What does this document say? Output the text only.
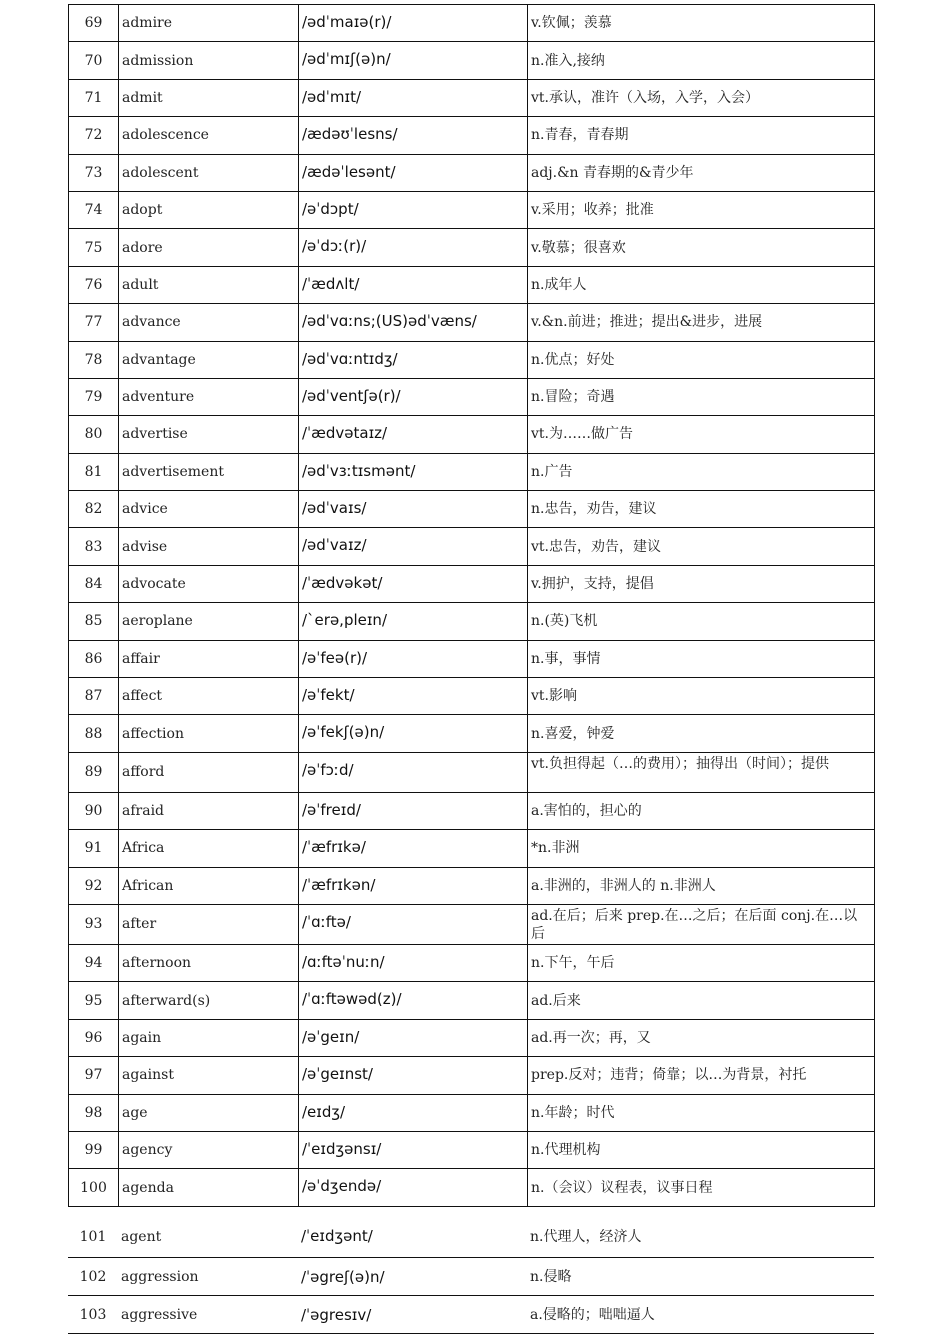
69	admire	/ədˈmaɪə(r)/	v.钦佩；羡慕
70	admission	/ədˈmɪʃ(ə)n/	n.准入,接纳
71	admit	/ədˈmɪt/	vt.承认，准许（入场，入学，入会）
72	adolescence	/ædəʊˈlesns/	n.青春，青春期
73	adolescent	/ædəˈlesənt/	adj.&n 青春期的&青少年
74	adopt	/əˈdɔpt/	v.采用；收养；批准
75	adore	/əˈdɔː(r)/	v.敬慕；很喜欢
76	adult	/ˈædʌlt/	n.成年人
77	advance	/ədˈvɑːns;(US)ədˈvæns/	v.&n.前进；推进；提出&进步，进展
78	advantage	/ədˈvɑːntɪdʒ/	n.优点；好处
79	adventure	/ədˈventʃə(r)/	n.冒险；奇遇
80	advertise	/ˈædvətaɪz/	vt.为……做广告
81	advertisement	/ədˈvɜːtɪsmənt/	n.广告
82	advice	/ədˈvaɪs/	n.忠告，劝告，建议
83	advise	/ədˈvaɪz/	vt.忠告，劝告，建议
84	advocate	/ˈædvəkət/	v.拥护，支持，提倡
85	aeroplane	/`erə,pleɪn/	n.(英)飞机
86	affair	/əˈfeə(r)/	n.事，事情
87	affect	/əˈfekt/	vt.影响
88	affection	/əˈfekʃ(ə)n/	n.喜爱，钟爱
89	afford	/əˈfɔːd/	vt.负担得起（…的费用）；抽得出（时间）；提供
90	afraid	/əˈfreɪd/	a.害怕的，担心的
91	Africa	/ˈæfrɪkə/	*n.非洲
92	African	/ˈæfrɪkən/	a.非洲的，非洲人的 n.非洲人
93	after	/ˈɑːftə/	ad.在后；后来 prep.在…之后；在后面 conj.在…以后
94	afternoon	/ɑːftəˈnuːn/	n.下午，午后
95	afterward(s)	/ˈɑːftəwəd(z)/	ad.后来
96	again	/əˈgeɪn/	ad.再一次；再，又
97	against	/əˈgeɪnst/	prep.反对；违背；倚靠；以…为背景，衬托
98	age	/eɪdʒ/	n.年龄；时代
99	agency	/ˈeɪdʒənsɪ/	n.代理机构
100	agenda	/əˈdʒendə/	n.（会议）议程表，议事日程
101	agent	/ˈeɪdʒənt/	n.代理人，经济人
102	aggression	/ˈəgreʃ(ə)n/	n.侵略
103	aggressive	/ˈəgresɪv/	a.侵略的；咄咄逼人
